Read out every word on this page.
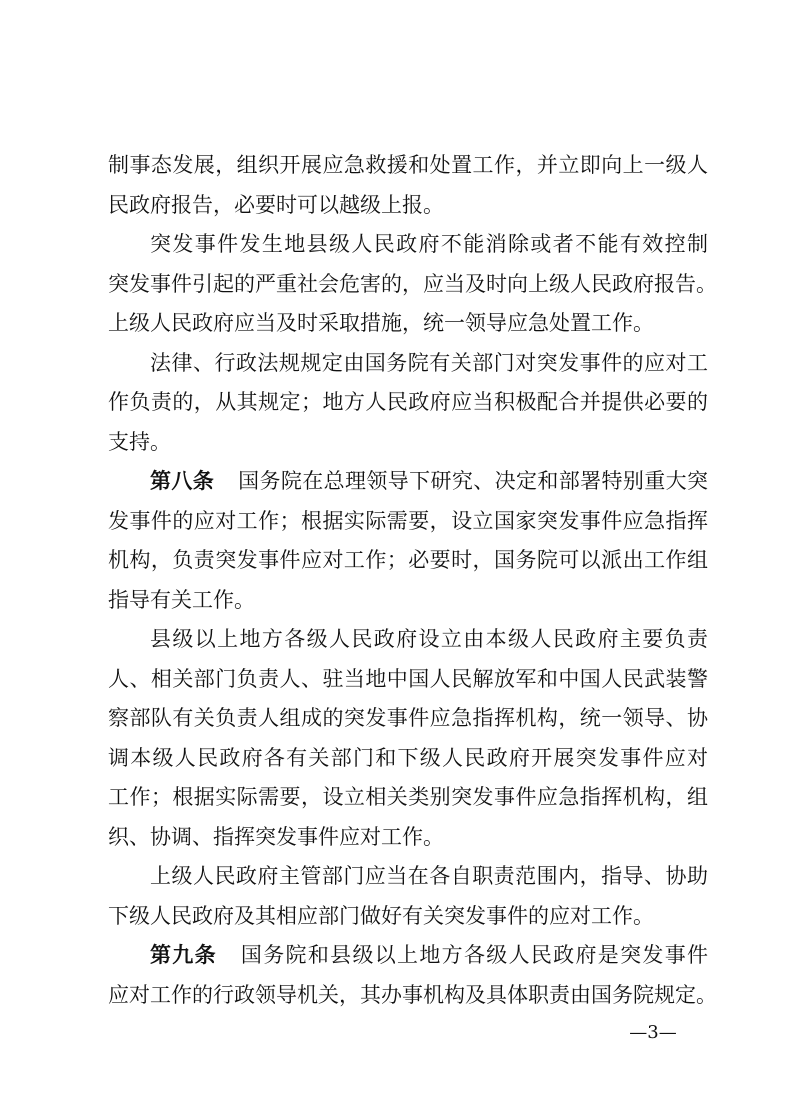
制事态发展，组织开展应急救援和处置工作，并立即向上一级人
民政府报告，必要时可以越级上报。
突发事件发生地县级人民政府不能消除或者不能有效控制
突发事件引起的严重社会危害的，应当及时向上级人民政府报告。
上级人民政府应当及时采取措施，统一领导应急处置工作。
法律、行政法规规定由国务院有关部门对突发事件的应对工
作负责的，从其规定；地方人民政府应当积极配合并提供必要的
支持。
第八条 国务院在总理领导下研究、决定和部署特别重大突
发事件的应对工作；根据实际需要，设立国家突发事件应急指挥
机构，负责突发事件应对工作；必要时，国务院可以派出工作组
指导有关工作。
县级以上地方各级人民政府设立由本级人民政府主要负责
人、相关部门负责人、驻当地中国人民解放军和中国人民武装警
察部队有关负责人组成的突发事件应急指挥机构，统一领导、协
调本级人民政府各有关部门和下级人民政府开展突发事件应对
工作；根据实际需要，设立相关类别突发事件应急指挥机构，组
织、协调、指挥突发事件应对工作。
上级人民政府主管部门应当在各自职责范围内，指导、协助
下级人民政府及其相应部门做好有关突发事件的应对工作。
第九条 国务院和县级以上地方各级人民政府是突发事件
应对工作的行政领导机关，其办事机构及具体职责由国务院规定。
—3—
